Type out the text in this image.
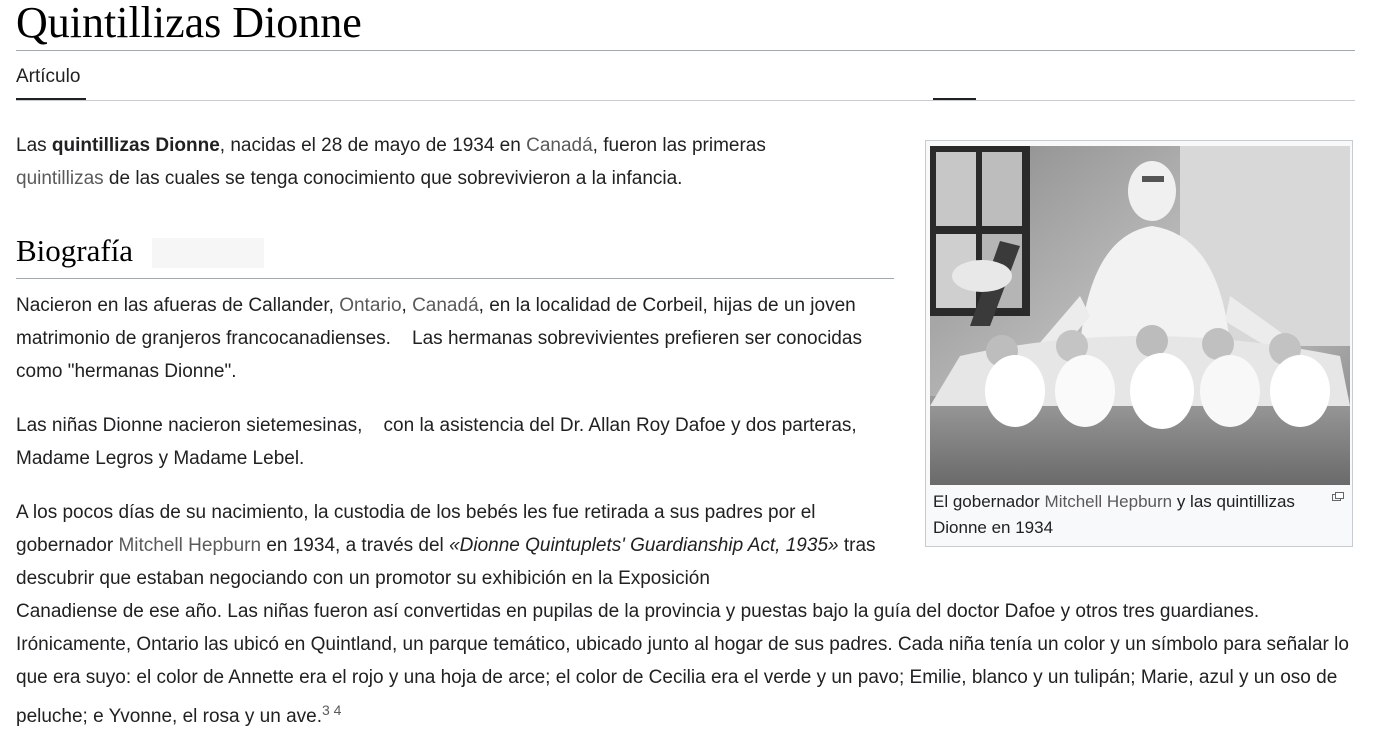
Quintillizas Dionne
Artículo

Las quintillizas Dionne, nacidas el 28 de mayo de 1934 en Canadá, fueron las primeras
quintillizas de las cuales se tenga conocimiento que sobrevivieron a la infancia.

Biografía

Nacieron en las afueras de Callander, Ontario, Canadá, en la localidad de Corbeil, hijas de un joven matrimonio de granjeros francocanadienses.    Las hermanas sobrevivientes prefieren ser conocidas como "hermanas Dionne".

Las niñas Dionne nacieron sietemesinas,    con la asistencia del Dr. Allan Roy Dafoe y dos parteras, Madame Legros y Madame Lebel.

A los pocos días de su nacimiento, la custodia de los bebés les fue retirada a sus padres por el gobernador Mitchell Hepburn en 1934, a través del «Dionne Quintuplets' Guardianship Act, 1935» tras descubrir que estaban negociando con un promotor su exhibición en la Exposición

Canadiense de ese año. Las niñas fueron así convertidas en pupilas de la provincia y puestas bajo la guía del doctor Dafoe y otros tres guardianes. Irónicamente, Ontario las ubicó en Quintland, un parque temático, ubicado junto al hogar de sus padres. Cada niña tenía un color y un símbolo para señalar lo que era suyo: el color de Annette era el rojo y una hoja de arce; el color de Cecilia era el verde y un pavo; Emilie, blanco y un tulipán; Marie, azul y un oso de peluche; e Yvonne, el rosa y un ave.$^{3 4}$

El gobernador Mitchell Hepburn y las quintillizas Dionne en 1934
